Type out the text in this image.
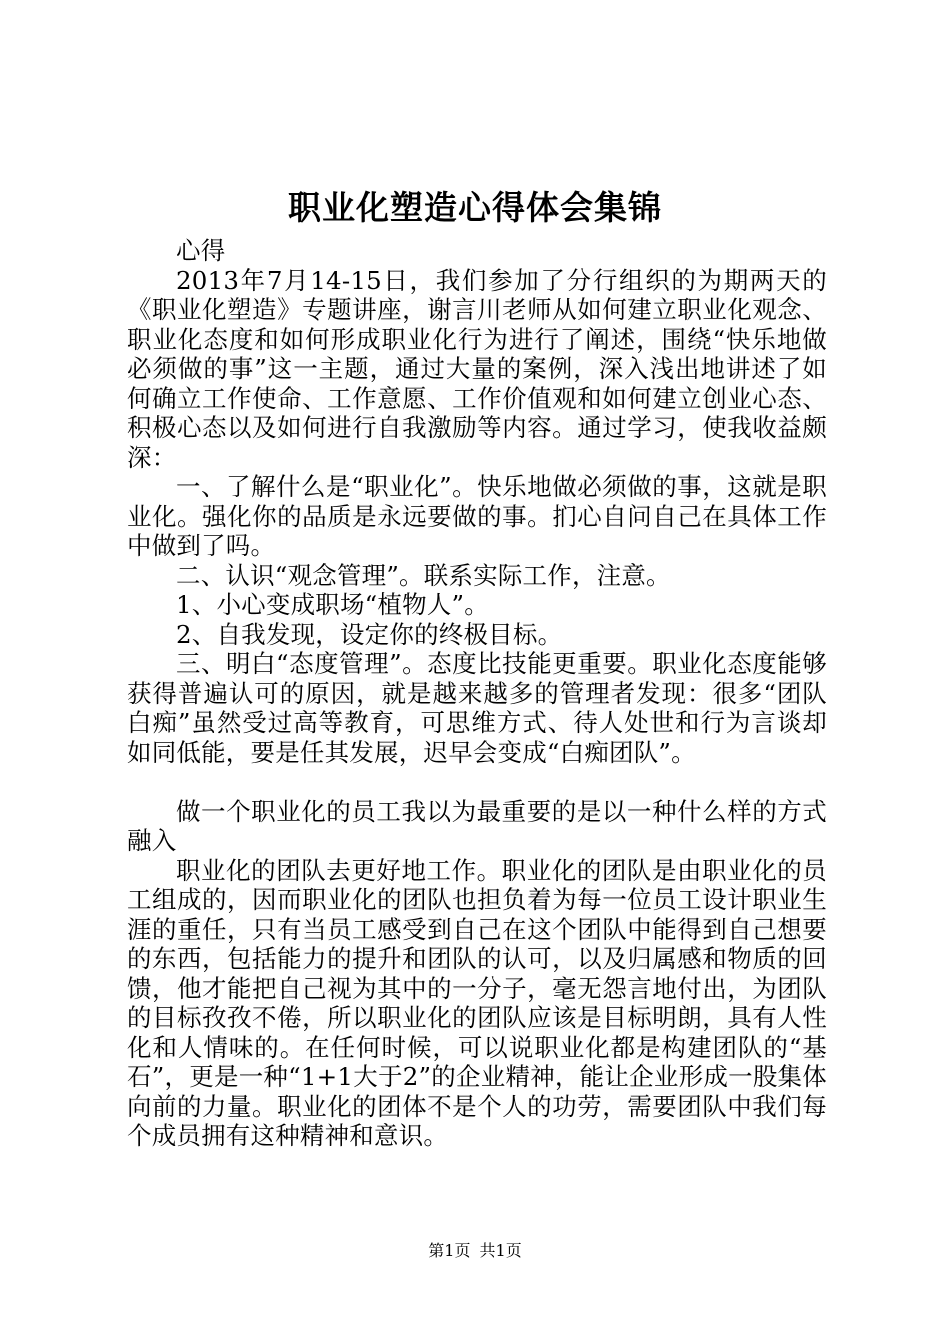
职业化塑造心得体会集锦

心得

2013年7月14-15日，我们参加了分行组织的为期两天的《职业化塑造》专题讲座，谢言川老师从如何建立职业化观念、职业化态度和如何形成职业化行为进行了阐述，围绕“快乐地做必须做的事”这一主题，通过大量的案例，深入浅出地讲述了如何确立工作使命、工作意愿、工作价值观和如何建立创业心态、积极心态以及如何进行自我激励等内容。通过学习，使我收益颇深：

一、了解什么是“职业化”。快乐地做必须做的事，这就是职业化。强化你的品质是永远要做的事。扪心自问自己在具体工作中做到了吗。

二、认识“观念管理”。联系实际工作，注意。

1、小心变成职场“植物人”。

2、自我发现，设定你的终极目标。

三、明白“态度管理”。态度比技能更重要。职业化态度能够获得普遍认可的原因，就是越来越多的管理者发现：很多“团队白痴”虽然受过高等教育，可思维方式、待人处世和行为言谈却如同低能，要是任其发展，迟早会变成“白痴团队”。

做一个职业化的员工我以为最重要的是以一种什么样的方式融入

职业化的团队去更好地工作。职业化的团队是由职业化的员工组成的，因而职业化的团队也担负着为每一位员工设计职业生涯的重任，只有当员工感受到自己在这个团队中能得到自己想要的东西，包括能力的提升和团队的认可，以及归属感和物质的回馈，他才能把自己视为其中的一分子，毫无怨言地付出，为团队的目标孜孜不倦，所以职业化的团队应该是目标明朗，具有人性化和人情味的。在任何时候，可以说职业化都是构建团队的“基石”，更是一种“1+1大于2”的企业精神，能让企业形成一股集体向前的力量。职业化的团体不是个人的功劳，需要团队中我们每个成员拥有这种精神和意识。

第1页 共1页
